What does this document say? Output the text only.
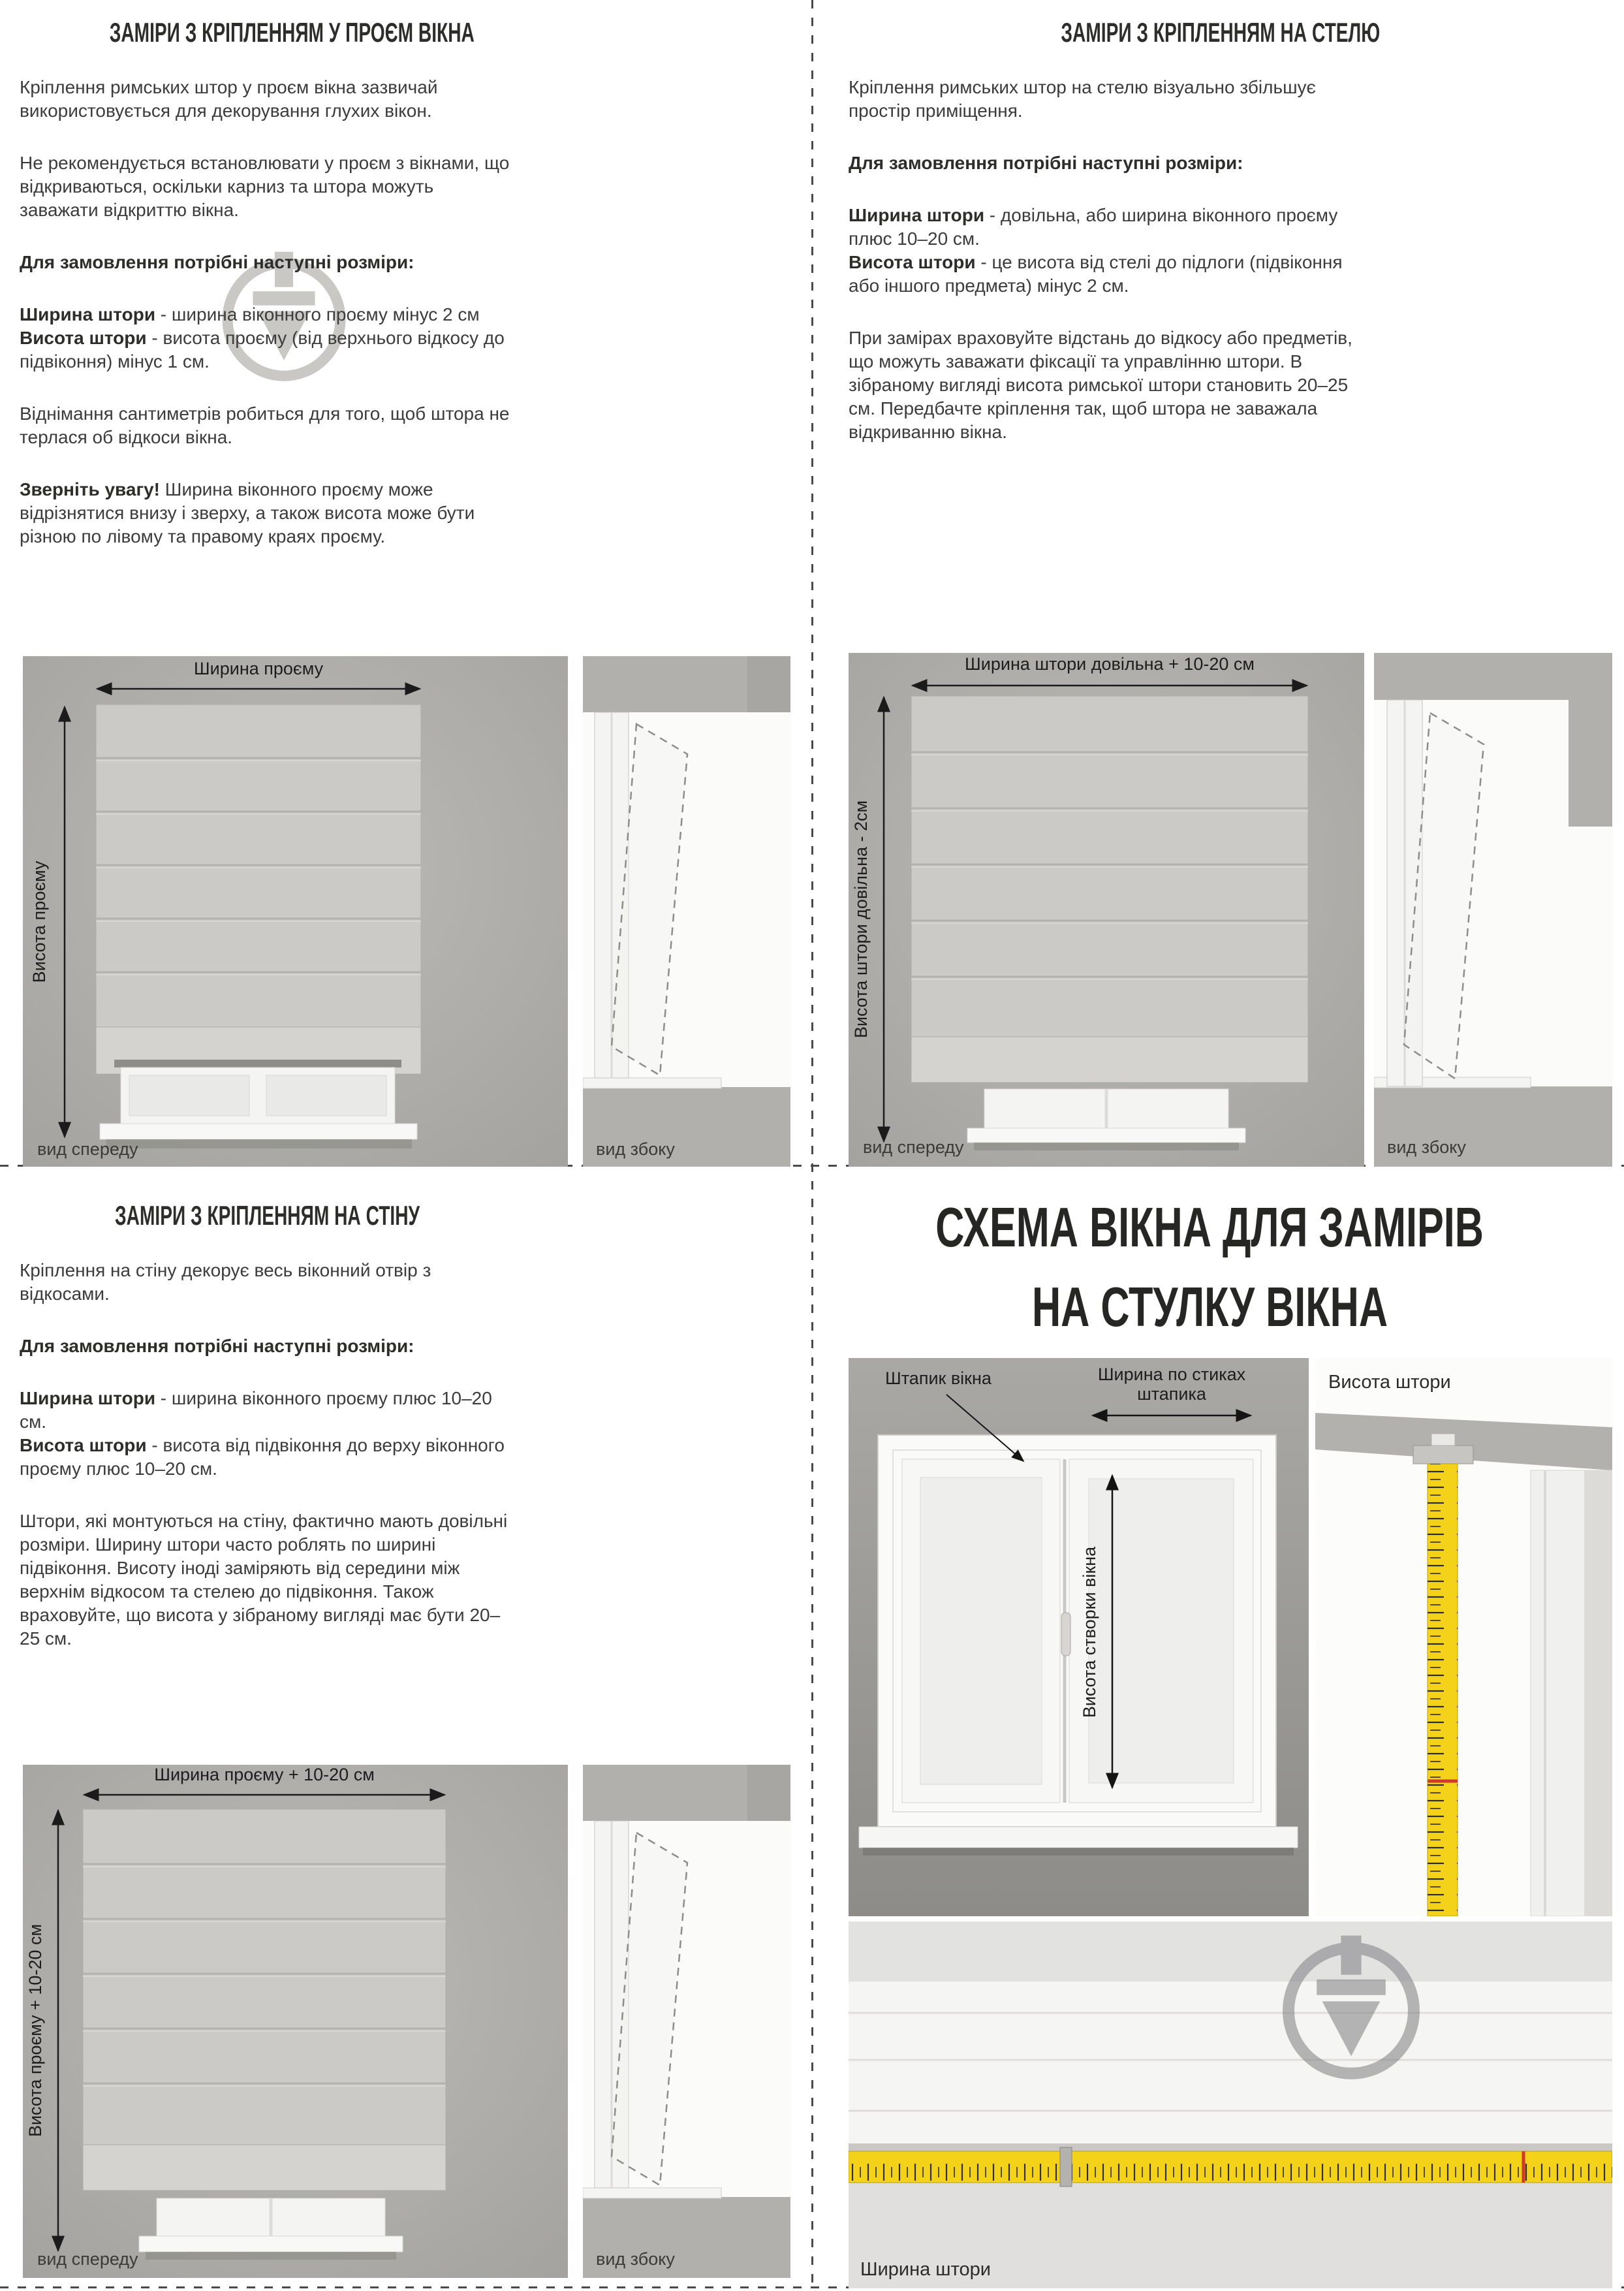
ЗАМІРИ З КРІПЛЕННЯМ У ПРОЄМ ВІКНА

Кріплення римських штор у проєм вікна зазвичай використовується для декорування глухих вікон.

Не рекомендується встановлювати у проєм з вікнами, що відкриваються, оскільки карниз та штора можуть заважати відкриттю вікна.

Для замовлення потрібні наступні розміри:

Ширина штори - ширина віконного проєму мінус 2 см

Висота штори - висота проєму (від верхнього відкосу до підвіконня) мінус 1 см.

Віднімання сантиметрів робиться для того, щоб штора не терлася об відкоси вікна.

Зверніть увагу! Ширина віконного проєму може відрізнятися внизу і зверху, а також висота може бути різною по лівому та правому краях проєму.

ЗАМІРИ З КРІПЛЕННЯМ НА СТЕЛЮ

Кріплення римських штор на стелю візуально збільшує простір приміщення.

Для замовлення потрібні наступні розміри:

Ширина штори - довільна, або ширина віконного проєму плюс 10–20 см.

Висота штори - це висота від стелі до підлоги (підвіконня або іншого предмета) мінус 2 см.

При замірах враховуйте відстань до відкосу або предметів, що можуть заважати фіксації та управлінню штори. В зібраному вигляді висота римської штори становить 20–25 см. Передбачте кріплення так, щоб штора не заважала відкриванню вікна.

ЗАМІРИ З КРІПЛЕННЯМ НА СТІНУ

Кріплення на стіну декорує весь віконний отвір з відкосами.

Для замовлення потрібні наступні розміри:

Ширина штори - ширина віконного проєму плюс 10–20 см.

Висота штори - висота від підвіконня до верху віконного проєму плюс 10–20 см.

Штори, які монтуються на стіну, фактично мають довільні розміри. Ширину штори часто роблять по ширині підвіконня. Висоту іноді заміряють від середини між верхнім відкосом та стелею до підвіконня. Також враховуйте, що висота у зібраному вигляді має бути 20–25 см.

СХЕМА ВІКНА ДЛЯ ЗАМІРІВ
НА СТУЛКУ ВІКНА
Ширина проєму
Висота проєму
вид спереду	вид збоку
Ширина штори довільна + 10-20 см
Висота штори довільна - 2см
вид спереду	вид збоку
Ширина проєму + 10-20 см
Висота проєму + 10-20 см
вид спереду	вид збоку
Штапик вікна	Ширина по стиках
штапика
Висота створки вікна
Висота штори
Ширина штори
